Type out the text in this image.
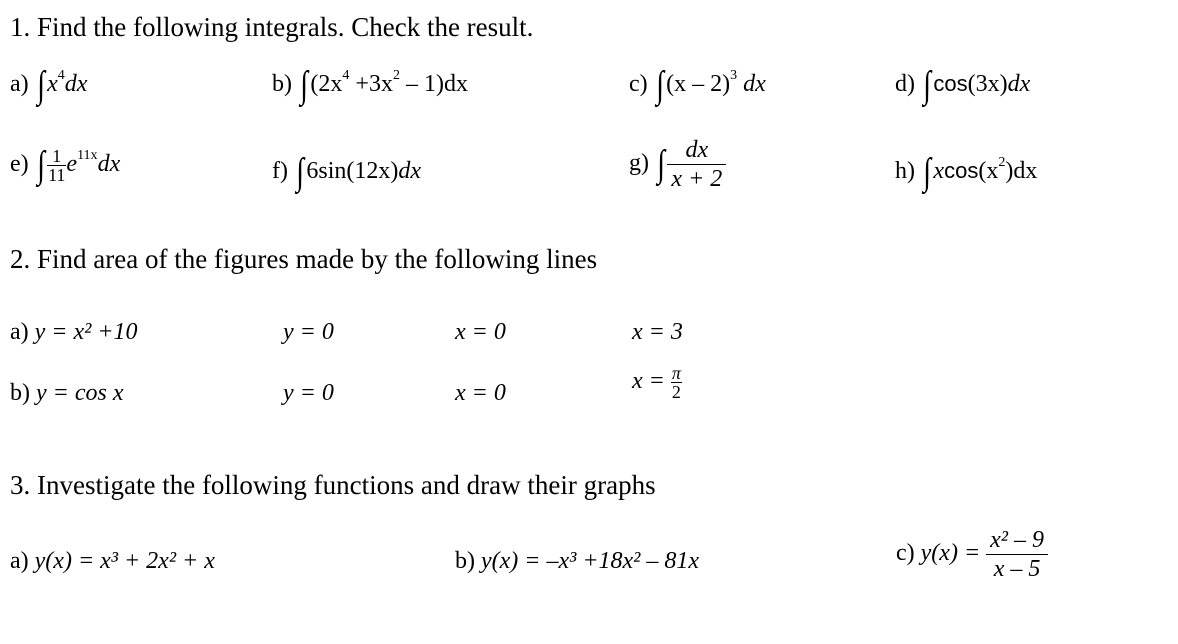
1. Find the following integrals. Check the result.
a) $\int x^4dx$	b) $\int(2x^4 +3x^2 - 1)dx$	c) ∫(x – 2)$^3$ dx	d) ∫ cos(3x)dx
e) ∫ $\frac{1}{11} e^{11x}dx$	f) ∫6sin(12x)dx	g) ∫ $\frac{dx}{x + 2}$	h) $\int xcos(x^2)dx$
2. Find area of the figures made by the following lines
a) y = x² +10	y = 0	x = 0	x = 3
b) y = cos x	y = 0	x = 0	$x = \frac{\pi}{2}$
3. Investigate the following functions and draw their graphs
a) y(x) = x³ + 2x² + x	b) y(x) = –x³ +18x² – 81x	c) $y(x) = \frac{\text{x² – 9}}{x - 5}$
